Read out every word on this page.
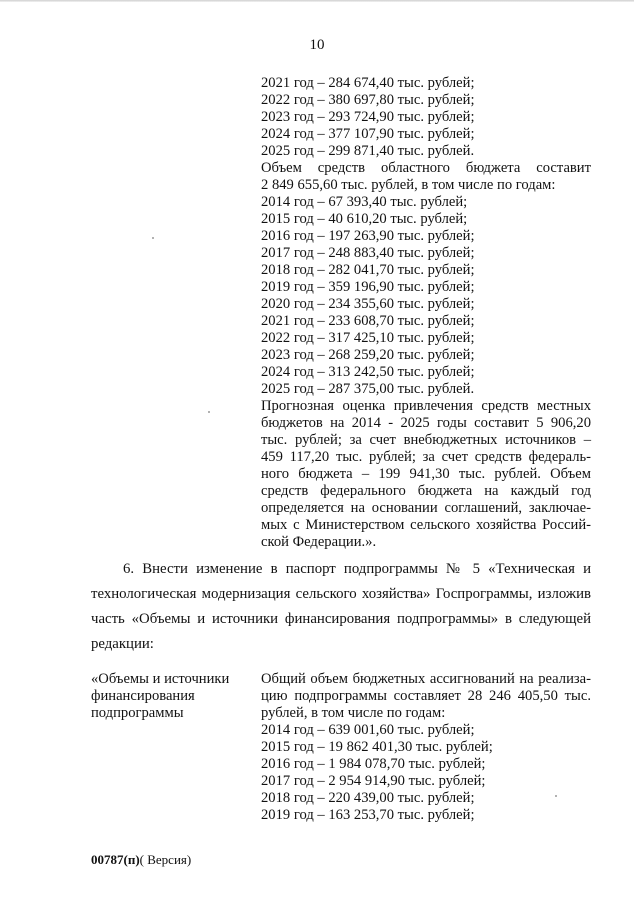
10
2021 год – 284 674,40 тыс. рублей;
2022 год – 380 697,80 тыс. рублей;
2023 год – 293 724,90 тыс. рублей;
2024 год – 377 107,90 тыс. рублей;
2025 год – 299 871,40 тыс. рублей.
Объем средств областного бюджета составит
2 849 655,60 тыс. рублей, в том числе по годам:
2014 год – 67 393,40 тыс. рублей;
2015 год – 40 610,20 тыс. рублей;
2016 год – 197 263,90 тыс. рублей;
2017 год – 248 883,40 тыс. рублей;
2018 год – 282 041,70 тыс. рублей;
2019 год – 359 196,90 тыс. рублей;
2020 год – 234 355,60 тыс. рублей;
2021 год – 233 608,70 тыс. рублей;
2022 год – 317 425,10 тыс. рублей;
2023 год – 268 259,20 тыс. рублей;
2024 год – 313 242,50 тыс. рублей;
2025 год – 287 375,00 тыс. рублей.
Прогнозная оценка привлечения средств местных
бюджетов на 2014 - 2025 годы составит 5 906,20
тыс. рублей; за счет внебюджетных источников –
459 117,20 тыс. рублей; за счет средств федераль-
ного бюджета – 199 941,30 тыс. рублей. Объем
средств федерального бюджета на каждый год
определяется на основании соглашений, заключае-
мых с Министерством сельского хозяйства Россий-
ской Федерации.».
6. Внести изменение в паспорт подпрограммы № 5 «Техническая и
технологическая модернизация сельского хозяйства» Госпрограммы, изложив
часть «Объемы и источники финансирования подпрограммы» в следующей
редакции:
«Объемы и источники
финансирования
подпрограммы
Общий объем бюджетных ассигнований на реализа-
цию подпрограммы составляет 28 246 405,50 тыс.
рублей, в том числе по годам:
2014 год – 639 001,60 тыс. рублей;
2015 год – 19 862 401,30 тыс. рублей;
2016 год – 1 984 078,70 тыс. рублей;
2017 год – 2 954 914,90 тыс. рублей;
2018 год – 220 439,00 тыс. рублей;
2019 год – 163 253,70 тыс. рублей;
00787(п)( Версия)
